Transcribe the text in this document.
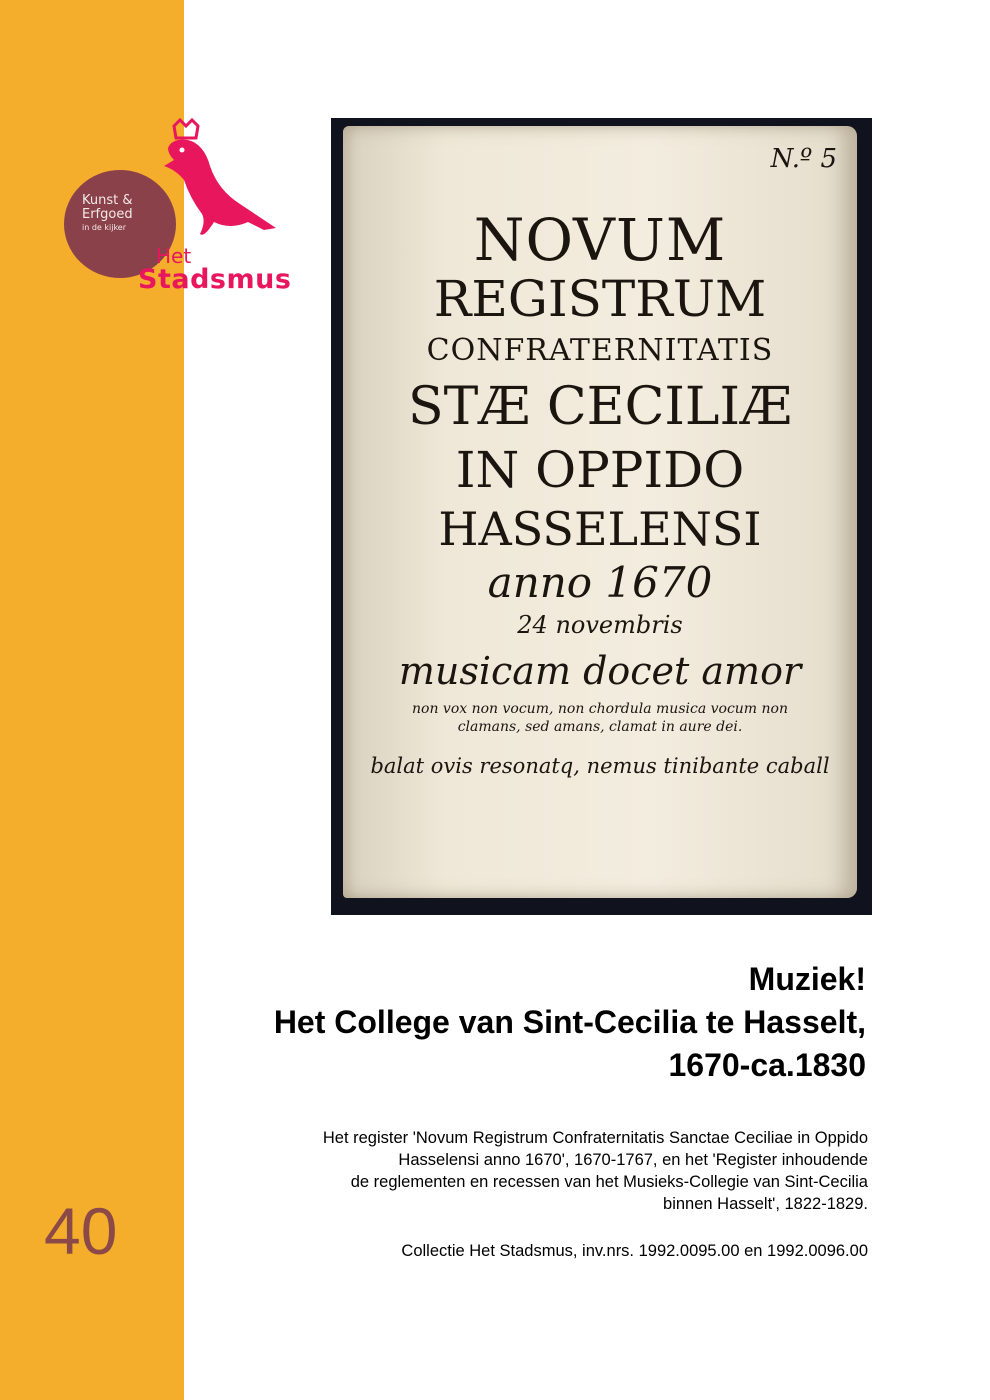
Kunst &
Erfgoed
in de kijker
Het
Stadsmus
N.º 5
NOVUM
REGISTRUM
CONFRATERNITATIS
STÆ CECILIÆ
IN OPPIDO
HASSELENSI
anno 1670
24 novembris
musicam docet amor
non vox non vocum, non chordula musica vocum non clamans, sed amans, clamat in aure dei.
balat ovis resonatq, nemus tinibante caball
Muziek!
Het College van Sint-Cecilia te Hasselt,
1670-ca.1830
Het register 'Novum Registrum Confraternitatis Sanctae Ceciliae in Oppido
Hasselensi anno 1670', 1670-1767, en het 'Register inhoudende
de reglementen en recessen van het Musieks-Collegie van Sint-Cecilia
binnen Hasselt', 1822-1829.
Collectie Het Stadsmus, inv.nrs. 1992.0095.00 en 1992.0096.00
40
